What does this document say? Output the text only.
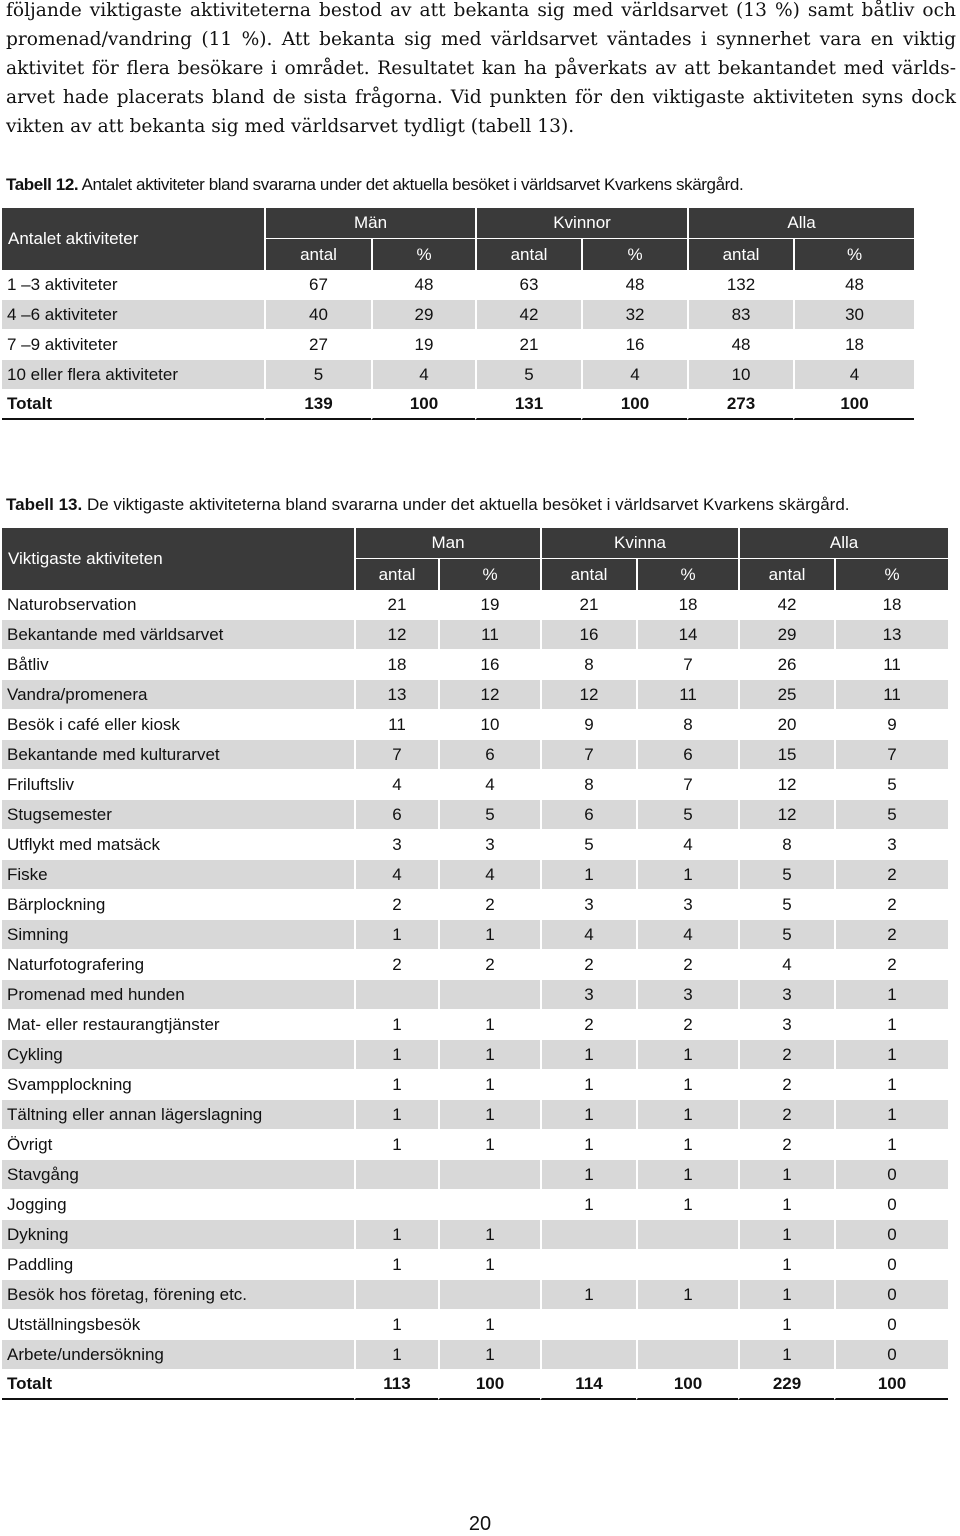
följande viktigaste aktiviteterna bestod av att bekanta sig med världsarvet (13 %) samt båtliv och
promenad/vandring (11 %). Att bekanta sig med världsarvet väntades i synnerhet vara en viktig
aktivitet för flera besökare i området. Resultatet kan ha påverkats av att bekantandet med världs-
arvet hade placerats bland de sista frågorna. Vid punkten för den viktigaste aktiviteten syns dock
vikten av att bekanta sig med världsarvet tydligt (tabell 13).
Tabell 12. Antalet aktiviteter bland svararna under det aktuella besöket i världsarvet Kvarkens skärgård.
Antalet aktiviteter	Män		Kvinnor		Alla	
	antal	%	antal	%	antal	%
1 –3 aktiviteter	67	48	63	48	132	48
4 –6 aktiviteter	40	29	42	32	83	30
7 –9 aktiviteter	27	19	21	16	48	18
10 eller flera aktiviteter	5	4	5	4	10	4
Totalt	139	100	131	100	273	100
Tabell 13. De viktigaste aktiviteterna bland svararna under det aktuella besöket i världsarvet Kvarkens skärgård.
Viktigaste aktiviteten	Man		Kvinna		Alla	
	antal	%	antal	%	antal	%
Naturobservation	21	19	21	18	42	18
Bekantande med världsarvet	12	11	16	14	29	13
Båtliv	18	16	8	7	26	11
Vandra/promenera	13	12	12	11	25	11
Besök i café eller kiosk	11	10	9	8	20	9
Bekantande med kulturarvet	7	6	7	6	15	7
Friluftsliv	4	4	8	7	12	5
Stugsemester	6	5	6	5	12	5
Utflykt med matsäck	3	3	5	4	8	3
Fiske	4	4	1	1	5	2
Bärplockning	2	2	3	3	5	2
Simning	1	1	4	4	5	2
Naturfotografering	2	2	2	2	4	2
Promenad med hunden			3	3	3	1
Mat- eller restaurangtjänster	1	1	2	2	3	1
Cykling	1	1	1	1	2	1
Svampplockning	1	1	1	1	2	1
Tältning eller annan lägerslagning	1	1	1	1	2	1
Övrigt	1	1	1	1	2	1
Stavgång			1	1	1	0
Jogging			1	1	1	0
Dykning	1	1			1	0
Paddling	1	1			1	0
Besök hos företag, förening etc.			1	1	1	0
Utställningsbesök	1	1			1	0
Arbete/undersökning	1	1			1	0
Totalt	113	100	114	100	229	100
20
